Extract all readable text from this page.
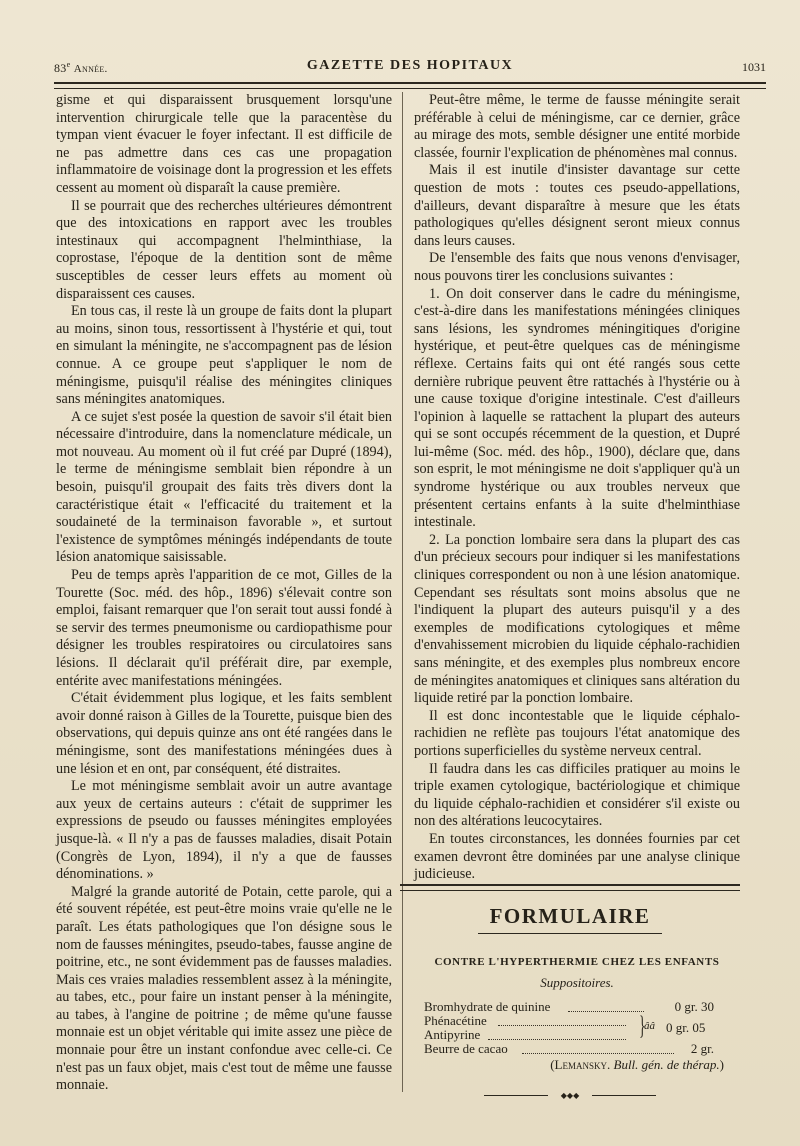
83e Année.	GAZETTE DES HOPITAUX	1031

gisme et qui disparaissent brusquement lorsqu'une intervention chirurgicale telle que la paracentèse du tympan vient évacuer le foyer infectant. Il est difficile de ne pas admettre dans ces cas une propagation inflammatoire de voisinage dont la progression et les effets cessent au moment où disparaît la cause première.

Il se pourrait que des recherches ultérieures démontrent que des intoxications en rapport avec les troubles intestinaux qui accompagnent l'helminthiase, la coprostase, l'époque de la dentition sont de même susceptibles de cesser leurs effets au moment où disparaissent ces causes.

En tous cas, il reste là un groupe de faits dont la plupart au moins, sinon tous, ressortissent à l'hystérie et qui, tout en simulant la méningite, ne s'accompagnent pas de lésion connue. A ce groupe peut s'appliquer le nom de méningisme, puisqu'il réalise des méningites cliniques sans méningites anatomiques.

A ce sujet s'est posée la question de savoir s'il était bien nécessaire d'introduire, dans la nomenclature médicale, un mot nouveau. Au moment où il fut créé par Dupré (1894), le terme de méningisme semblait bien répondre à un besoin, puisqu'il groupait des faits très divers dont la caractéristique était « l'efficacité du traitement et la soudaineté de la terminaison favorable », et surtout l'existence de symptômes méningés indépendants de toute lésion anatomique saisissable.

Peu de temps après l'apparition de ce mot, Gilles de la Tourette (Soc. méd. des hôp., 1896) s'élevait contre son emploi, faisant remarquer que l'on serait tout aussi fondé à se servir des termes pneumonisme ou cardiopathisme pour désigner les troubles respiratoires ou circulatoires sans lésions. Il déclarait qu'il préférait dire, par exemple, entérite avec manifestations méningées.

C'était évidemment plus logique, et les faits semblent avoir donné raison à Gilles de la Tourette, puisque bien des observations, qui depuis quinze ans ont été rangées dans le méningisme, sont des manifestations méningées dues à une lésion et en ont, par conséquent, été distraites.

Le mot méningisme semblait avoir un autre avantage aux yeux de certains auteurs : c'était de supprimer les expressions de pseudo ou fausses méningites employées jusque-là. « Il n'y a pas de fausses maladies, disait Potain (Congrès de Lyon, 1894), il n'y a que de fausses dénominations. »

Malgré la grande autorité de Potain, cette parole, qui a été souvent répétée, est peut-être moins vraie qu'elle ne le paraît. Les états pathologiques que l'on désigne sous le nom de fausses méningites, pseudo-tabes, fausse angine de poitrine, etc., ne sont évidemment pas de fausses maladies. Mais ces vraies maladies ressemblent assez à la méningite, au tabes, etc., pour faire un instant penser à la méningite, au tabes, à l'angine de poitrine ; de même qu'une fausse monnaie est un objet véritable qui imite assez une pièce de monnaie pour être un instant confondue avec celle-ci. Ce n'est pas un faux objet, mais c'est tout de même une fausse monnaie.

Peut-être même, le terme de fausse méningite serait préférable à celui de méningisme, car ce dernier, grâce au mirage des mots, semble désigner une entité morbide classée, fournir l'explication de phénomènes mal connus.

Mais il est inutile d'insister davantage sur cette question de mots : toutes ces pseudo-appellations, d'ailleurs, devant disparaître à mesure que les états pathologiques qu'elles désignent seront mieux connus dans leurs causes.

De l'ensemble des faits que nous venons d'envisager, nous pouvons tirer les conclusions suivantes :

1. On doit conserver dans le cadre du méningisme, c'est-à-dire dans les manifestations méningées cliniques sans lésions, les syndromes méningitiques d'origine hystérique, et peut-être quelques cas de méningisme réflexe. Certains faits qui ont été rangés sous cette dernière rubrique peuvent être rattachés à l'hystérie ou à une cause toxique d'origine intestinale. C'est d'ailleurs l'opinion à laquelle se rattachent la plupart des auteurs qui se sont occupés récemment de la question, et Dupré lui-même (Soc. méd. des hôp., 1900), déclare que, dans son esprit, le mot méningisme ne doit s'appliquer qu'à un syndrome hystérique ou aux troubles nerveux que présentent certains enfants à la suite d'helminthiase intestinale.

2. La ponction lombaire sera dans la plupart des cas d'un précieux secours pour indiquer si les manifestations cliniques correspondent ou non à une lésion anatomique. Cependant ses résultats sont moins absolus que ne l'indiquent la plupart des auteurs puisqu'il y a des exemples de modifications cytologiques et même d'envahissement microbien du liquide céphalo-rachidien sans méningite, et des exemples plus nombreux encore de méningites anatomiques et cliniques sans altération du liquide retiré par la ponction lombaire.

Il est donc incontestable que le liquide céphalo-rachidien ne reflète pas toujours l'état anatomique des portions superficielles du système nerveux central.

Il faudra dans les cas difficiles pratiquer au moins le triple examen cytologique, bactériologique et chimique du liquide céphalo-rachidien et considérer s'il existe ou non des altérations leucocytaires.

En toutes circonstances, les données fournies par cet examen devront être dominées par une analyse clinique judicieuse.

FORMULAIRE
CONTRE L'HYPERTHERMIE CHEZ LES ENFANTS
Suppositoires.
Bromhydrate de quinine	0 gr. 30
Phénacétine
Antipyrine	}
ââ 0 gr. 05
Beurre de cacao	2 gr.
(Lemansky. Bull. gén. de thérap.)
◆◆◆
